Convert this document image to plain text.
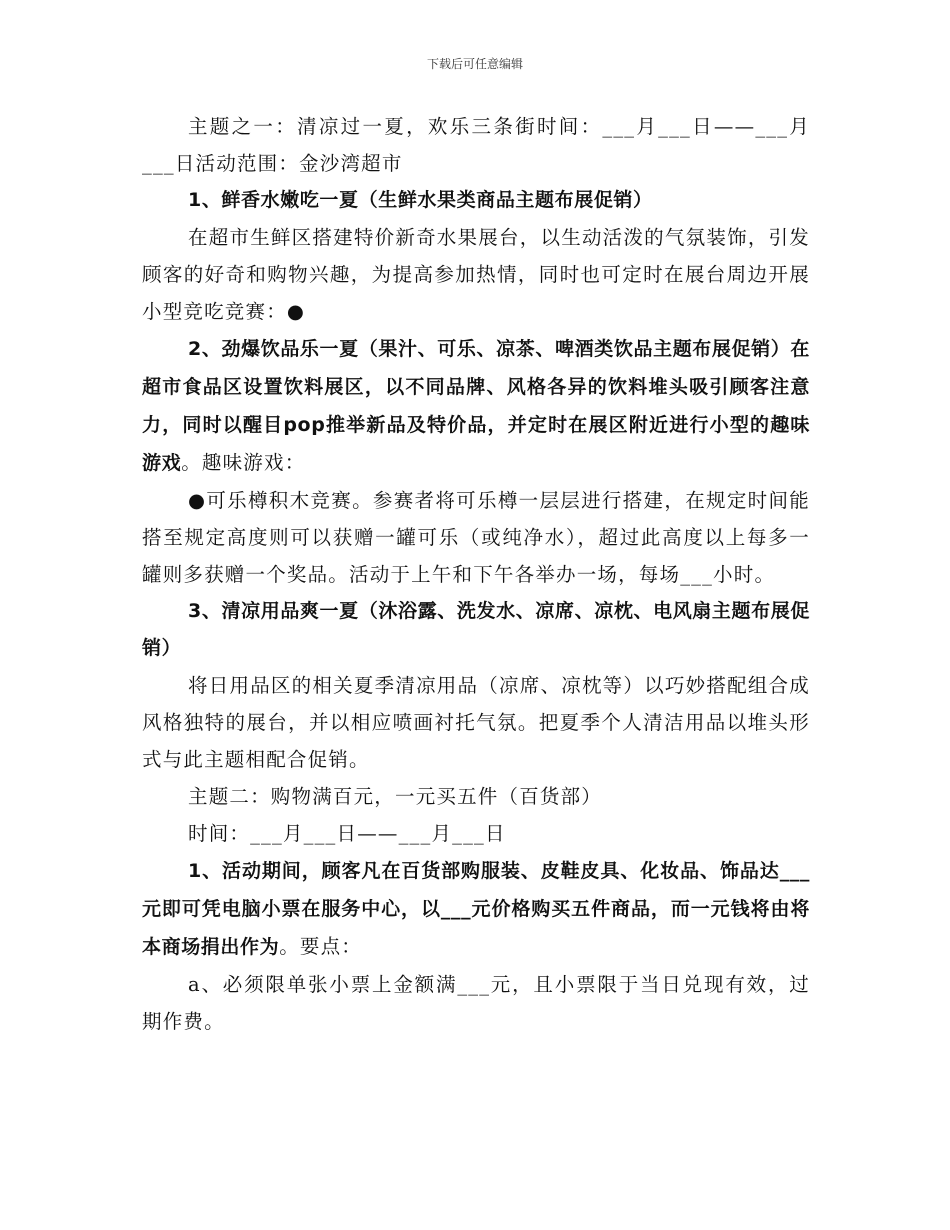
下载后可任意编辑

主题之一：清凉过一夏，欢乐三条街时间：___月___日——___月___日活动范围：金沙湾超市

1、鲜香水嫩吃一夏（生鲜水果类商品主题布展促销）

在超市生鲜区搭建特价新奇水果展台，以生动活泼的气氛装饰，引发顾客的好奇和购物兴趣，为提高参加热情，同时也可定时在展台周边开展小型竞吃竞赛：●

2、劲爆饮品乐一夏（果汁、可乐、凉茶、啤酒类饮品主题布展促销）在超市食品区设置饮料展区，以不同品牌、风格各异的饮料堆头吸引顾客注意力，同时以醒目pop推举新品及特价品，并定时在展区附近进行小型的趣味游戏。趣味游戏：

●可乐樽积木竞赛。参赛者将可乐樽一层层进行搭建，在规定时间能搭至规定高度则可以获赠一罐可乐（或纯净水），超过此高度以上每多一罐则多获赠一个奖品。活动于上午和下午各举办一场，每场___小时。

3、清凉用品爽一夏（沐浴露、洗发水、凉席、凉枕、电风扇主题布展促销）

将日用品区的相关夏季清凉用品（凉席、凉枕等）以巧妙搭配组合成风格独特的展台，并以相应喷画衬托气氛。把夏季个人清洁用品以堆头形式与此主题相配合促销。

主题二：购物满百元，一元买五件（百货部）

时间：___月___日——___月___日

1、活动期间，顾客凡在百货部购服装、皮鞋皮具、化妆品、饰品达___元即可凭电脑小票在服务中心，以___元价格购买五件商品，而一元钱将由将本商场捐出作为。要点：

a、必须限单张小票上金额满___元，且小票限于当日兑现有效，过期作费。
